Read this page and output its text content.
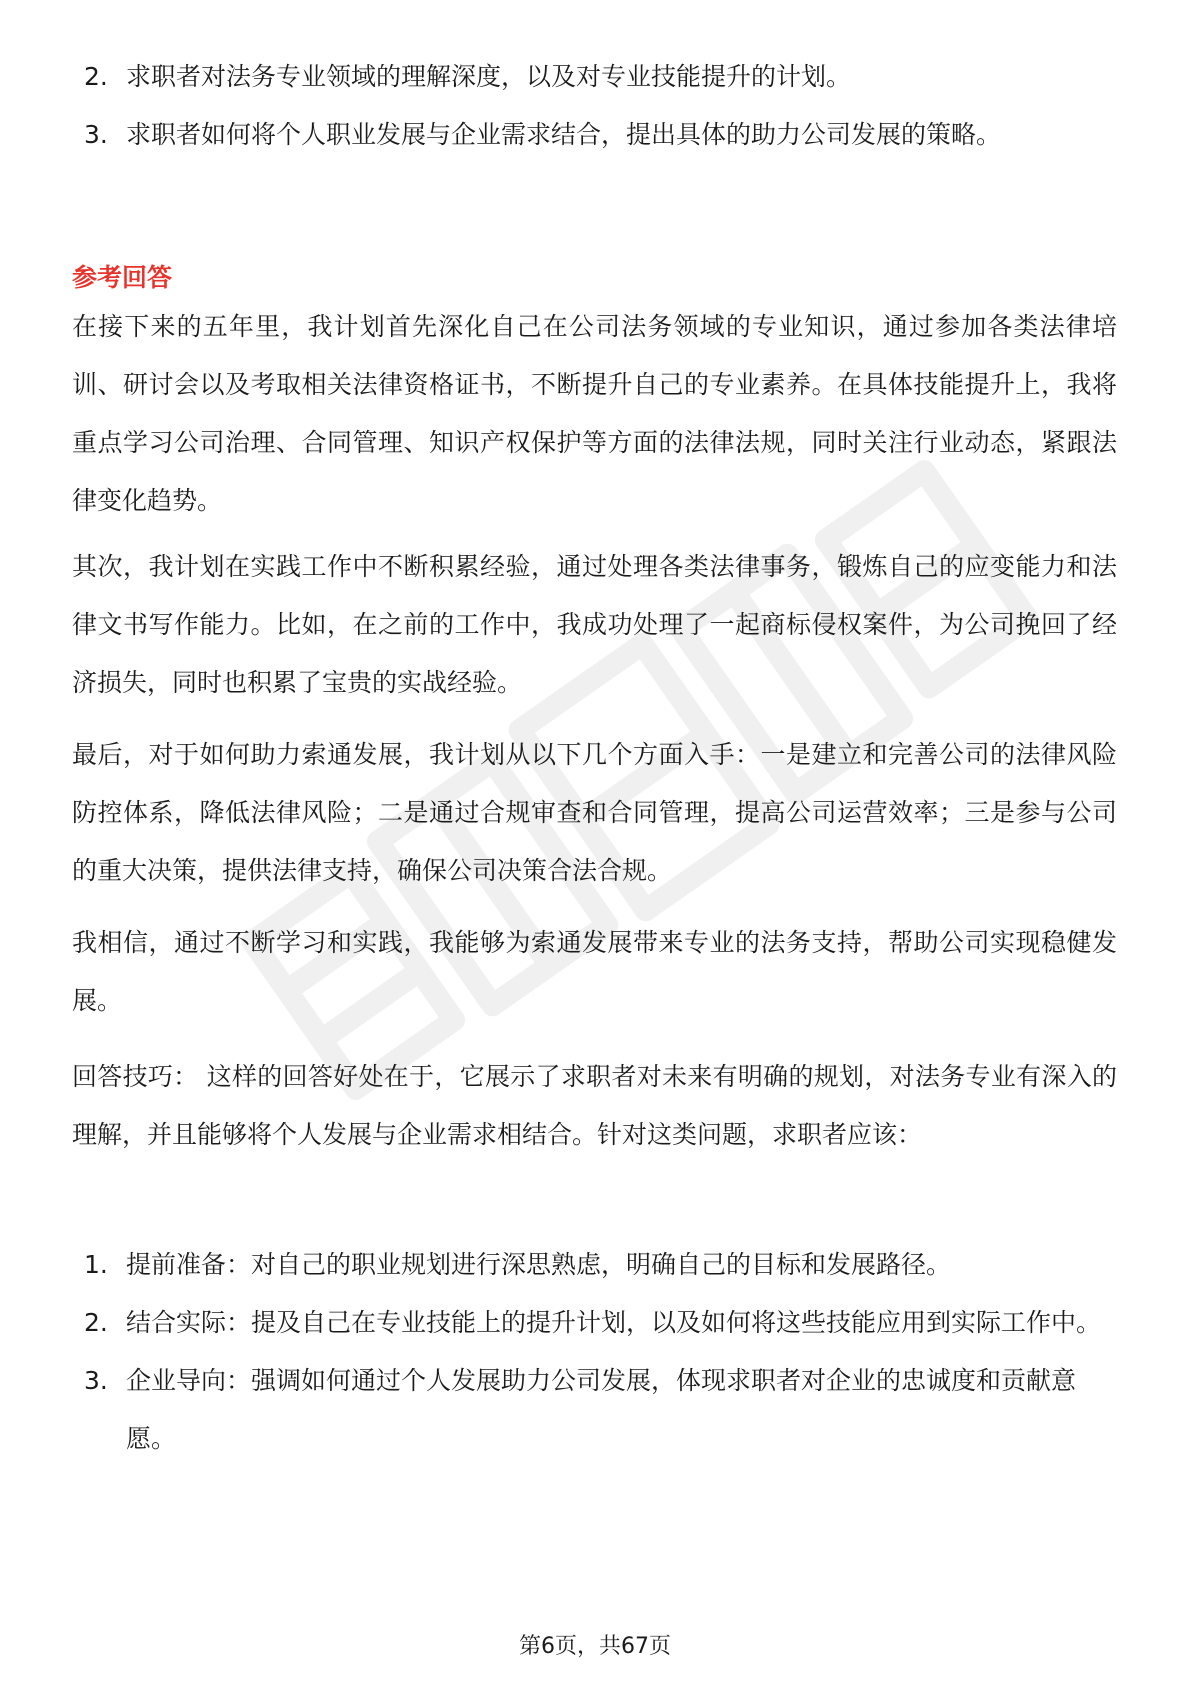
2. 求职者对法务专业领域的理解深度，以及对专业技能提升的计划。
3. 求职者如何将个人职业发展与企业需求结合，提出具体的助力公司发展的策略。
参考回答

在接下来的五年里，我计划首先深化自己在公司法务领域的专业知识，通过参加各类法律培训、研讨会以及考取相关法律资格证书，不断提升自己的专业素养。在具体技能提升上，我将重点学习公司治理、合同管理、知识产权保护等方面的法律法规，同时关注行业动态，紧跟法律变化趋势。

其次，我计划在实践工作中不断积累经验，通过处理各类法律事务，锻炼自己的应变能力和法律文书写作能力。比如，在之前的工作中，我成功处理了一起商标侵权案件，为公司挽回了经济损失，同时也积累了宝贵的实战经验。

最后，对于如何助力索通发展，我计划从以下几个方面入手：一是建立和完善公司的法律风险防控体系，降低法律风险；二是通过合规审查和合同管理，提高公司运营效率；三是参与公司的重大决策，提供法律支持，确保公司决策合法合规。

我相信，通过不断学习和实践，我能够为索通发展带来专业的法务支持，帮助公司实现稳健发展。

回答技巧： 这样的回答好处在于，它展示了求职者对未来有明确的规划，对法务专业有深入的理解，并且能够将个人发展与企业需求相结合。针对这类问题，求职者应该：

1. 提前准备：对自己的职业规划进行深思熟虑，明确自己的目标和发展路径。
2. 结合实际：提及自己在专业技能上的提升计划，以及如何将这些技能应用到实际工作中。
3. 企业导向：强调如何通过个人发展助力公司发展，体现求职者对企业的忠诚度和贡献意愿。
第6页，共67页
